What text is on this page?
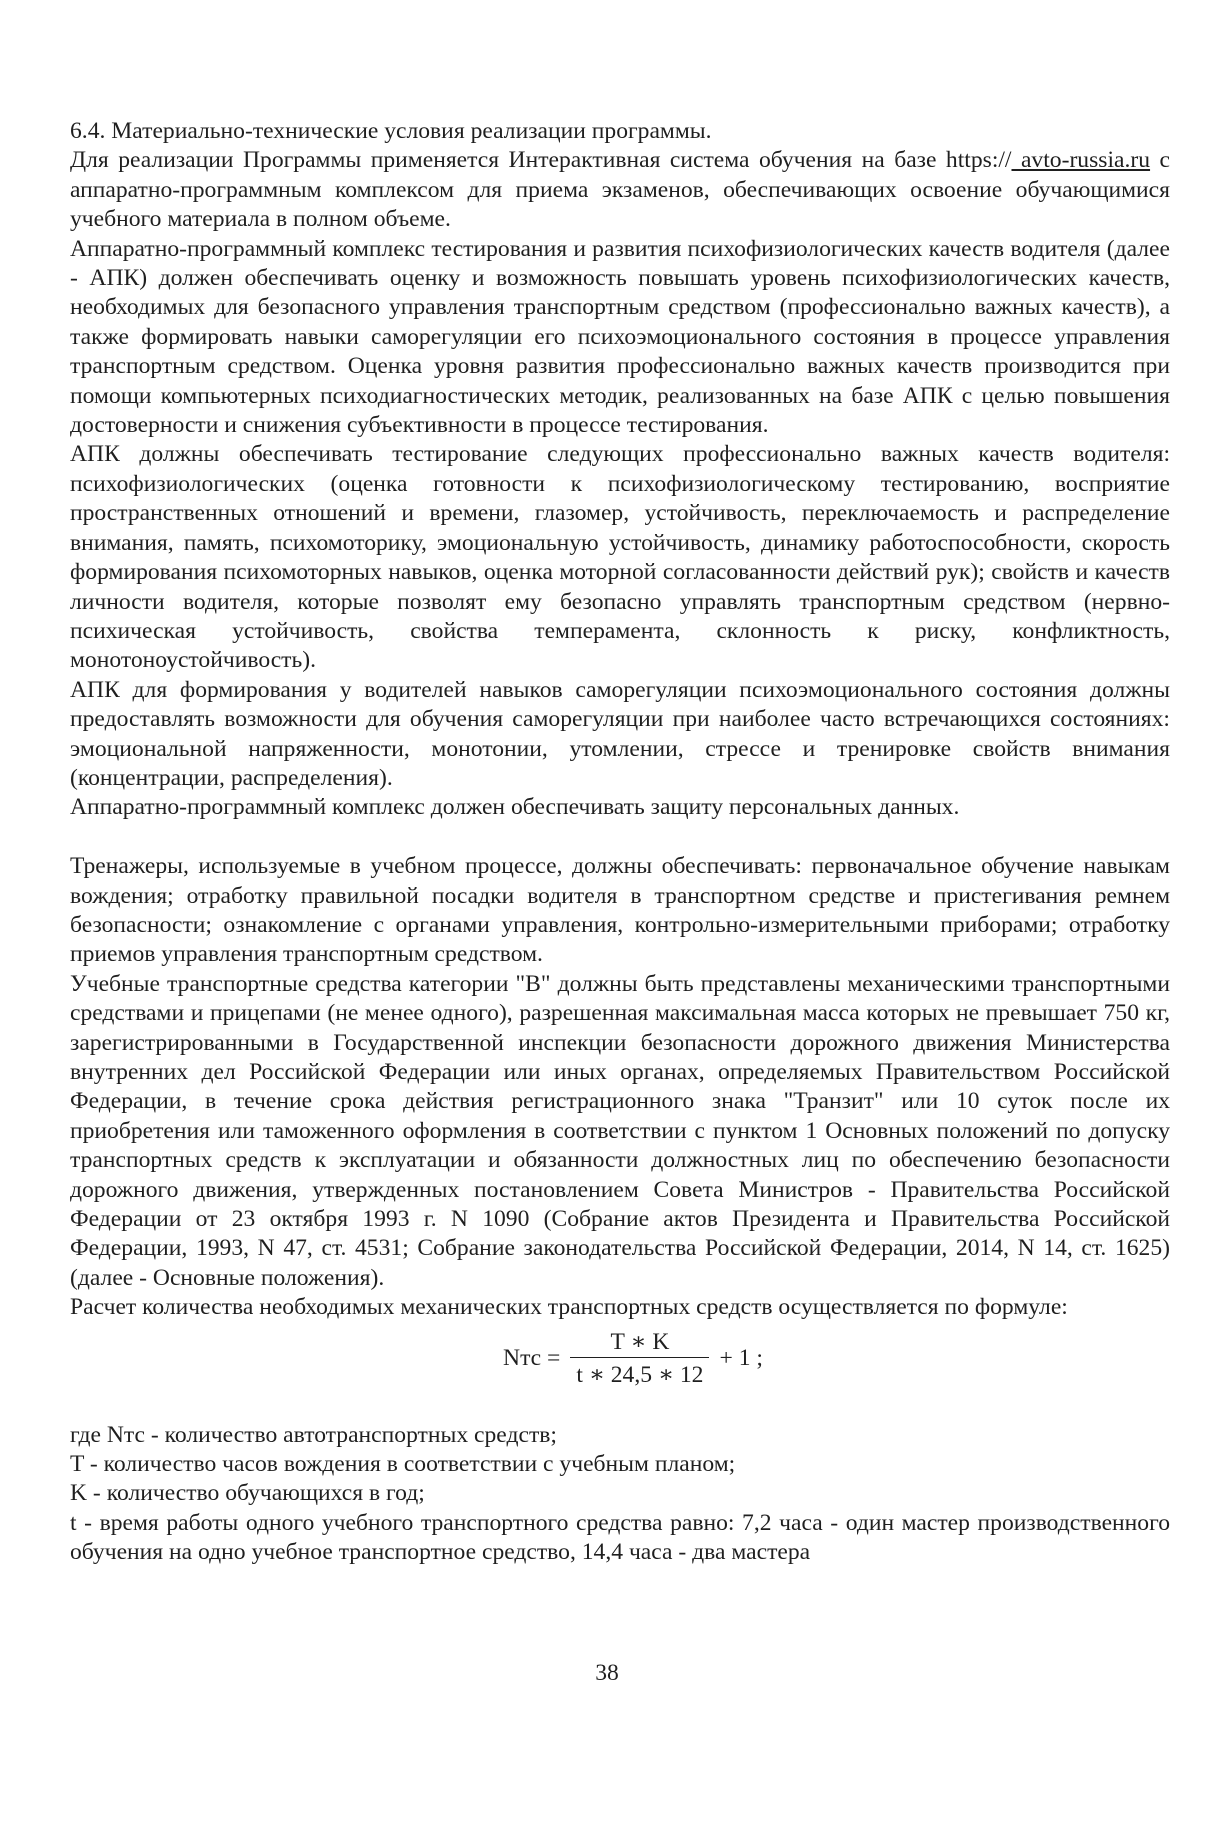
6.4. Материально-технические условия реализации программы.

Для реализации Программы применяется Интерактивная система обучения на базе https:// avto-russia.ru с аппаратно-программным комплексом для приема экзаменов, обеспечивающих освоение обучающимися учебного материала в полном объеме.

Аппаратно-программный комплекс тестирования и развития психофизиологических качеств водителя (далее - АПК) должен обеспечивать оценку и возможность повышать уровень психофизиологических качеств, необходимых для безопасного управления транспортным средством (профессионально важных качеств), а также формировать навыки саморегуляции его психоэмоционального состояния в процессе управления транспортным средством. Оценка уровня развития профессионально важных качеств производится при помощи компьютерных психодиагностических методик, реализованных на базе АПК с целью повышения достоверности и снижения субъективности в процессе тестирования.

АПК должны обеспечивать тестирование следующих профессионально важных качеств водителя: психофизиологических (оценка готовности к психофизиологическому тестированию, восприятие пространственных отношений и времени, глазомер, устойчивость, переключаемость и распределение внимания, память, психомоторику, эмоциональную устойчивость, динамику работоспособности, скорость формирования психомоторных навыков, оценка моторной согласованности действий рук); свойств и качеств личности водителя, которые позволят ему безопасно управлять транспортным средством (нервно-психическая устойчивость, свойства темперамента, склонность к риску, конфликтность, монотоноустойчивость).

АПК для формирования у водителей навыков саморегуляции психоэмоционального состояния должны предоставлять возможности для обучения саморегуляции при наиболее часто встречающихся состояниях: эмоциональной напряженности, монотонии, утомлении, стрессе и тренировке свойств внимания (концентрации, распределения).

Аппаратно-программный комплекс должен обеспечивать защиту персональных данных.

Тренажеры, используемые в учебном процессе, должны обеспечивать: первоначальное обучение навыкам вождения; отработку правильной посадки водителя в транспортном средстве и пристегивания ремнем безопасности; ознакомление с органами управления, контрольно-измерительными приборами; отработку приемов управления транспортным средством.

Учебные транспортные средства категории "B" должны быть представлены механическими транспортными средствами и прицепами (не менее одного), разрешенная максимальная масса которых не превышает 750 кг, зарегистрированными в Государственной инспекции безопасности дорожного движения Министерства внутренних дел Российской Федерации или иных органах, определяемых Правительством Российской Федерации, в течение срока действия регистрационного знака "Транзит" или 10 суток после их приобретения или таможенного оформления в соответствии с пунктом 1 Основных положений по допуску транспортных средств к эксплуатации и обязанности должностных лиц по обеспечению безопасности дорожного движения, утвержденных постановлением Совета Министров - Правительства Российской Федерации от 23 октября 1993 г. N 1090 (Собрание актов Президента и Правительства Российской Федерации, 1993, N 47, ст. 4531; Собрание законодательства Российской Федерации, 2014, N 14, ст. 1625) (далее - Основные положения).

Расчет количества необходимых механических транспортных средств осуществляется по формуле:

Nтс = $\frac{T ∗ K}{t ∗ 24,5 ∗ 12} + 1$ ;

где Nтс - количество автотранспортных средств;

T - количество часов вождения в соответствии с учебным планом;

K - количество обучающихся в год;

t - время работы одного учебного транспортного средства равно: 7,2 часа - один мастер производственного обучения на одно учебное транспортное средство, 14,4 часа - два мастера

38
